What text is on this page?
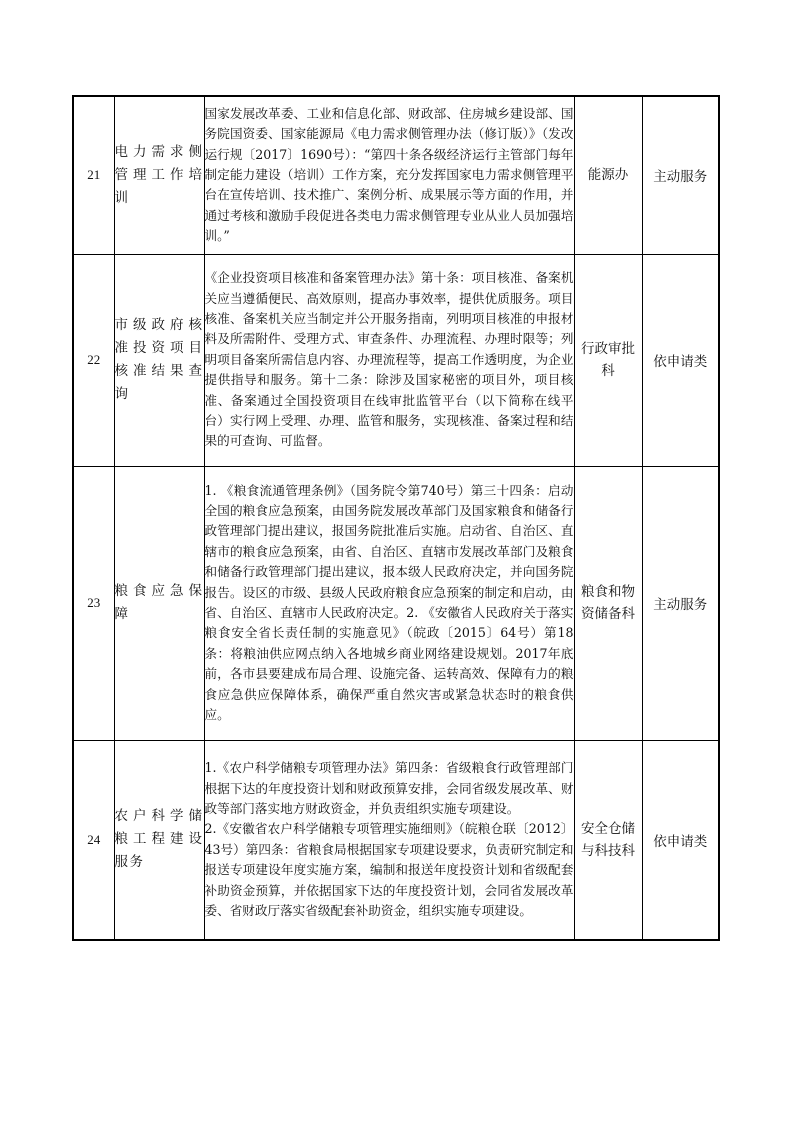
21	电力需求侧管理工作培训	国家发展改革委、工业和信息化部、财政部、住房城乡建设部、国务院国资委、国家能源局《电力需求侧管理办法（修订版）》（发改运行规〔2017〕1690号）：“第四十条各级经济运行主管部门每年制定能力建设（培训）工作方案，充分发挥国家电力需求侧管理平台在宣传培训、技术推广、案例分析、成果展示等方面的作用，并通过考核和激励手段促进各类电力需求侧管理专业从业人员加强培训。”	能源办	主动服务
22	市级政府核准投资项目核准结果查询	《企业投资项目核准和备案管理办法》第十条：项目核准、备案机关应当遵循便民、高效原则，提高办事效率，提供优质服务。项目核准、备案机关应当制定并公开服务指南，列明项目核准的申报材料及所需附件、受理方式、审查条件、办理流程、办理时限等；列明项目备案所需信息内容、办理流程等，提高工作透明度，为企业提供指导和服务。第十二条：除涉及国家秘密的项目外，项目核准、备案通过全国投资项目在线审批监管平台（以下简称在线平台）实行网上受理、办理、监管和服务，实现核准、备案过程和结果的可查询、可监督。	行政审批科	依申请类
23	粮食应急保障	1. 《粮食流通管理条例》（国务院令第740号）第三十四条：启动全国的粮食应急预案，由国务院发展改革部门及国家粮食和储备行政管理部门提出建议，报国务院批准后实施。启动省、自治区、直辖市的粮食应急预案，由省、自治区、直辖市发展改革部门及粮食和储备行政管理部门提出建议，报本级人民政府决定，并向国务院报告。设区的市级、县级人民政府粮食应急预案的制定和启动，由省、自治区、直辖市人民政府决定。2. 《安徽省人民政府关于落实粮食安全省长责任制的实施意见》（皖政〔2015〕64号）第18条：将粮油供应网点纳入各地城乡商业网络建设规划。2017年底前，各市县要建成布局合理、设施完备、运转高效、保障有力的粮食应急供应保障体系，确保严重自然灾害或紧急状态时的粮食供应。	粮食和物资储备科	主动服务
24	农户科学储粮工程建设服务	1.《农户科学储粮专项管理办法》第四条：省级粮食行政管理部门根据下达的年度投资计划和财政预算安排，会同省级发展改革、财政等部门落实地方财政资金，并负责组织实施专项建设。

2.《安徽省农户科学储粮专项管理实施细则》（皖粮仓联〔2012〕43号）第四条：省粮食局根据国家专项建设要求，负责研究制定和报送专项建设年度实施方案，编制和报送年度投资计划和省级配套补助资金预算，并依据国家下达的年度投资计划，会同省发展改革委、省财政厅落实省级配套补助资金，组织实施专项建设。	安全仓储与科技科	依申请类
